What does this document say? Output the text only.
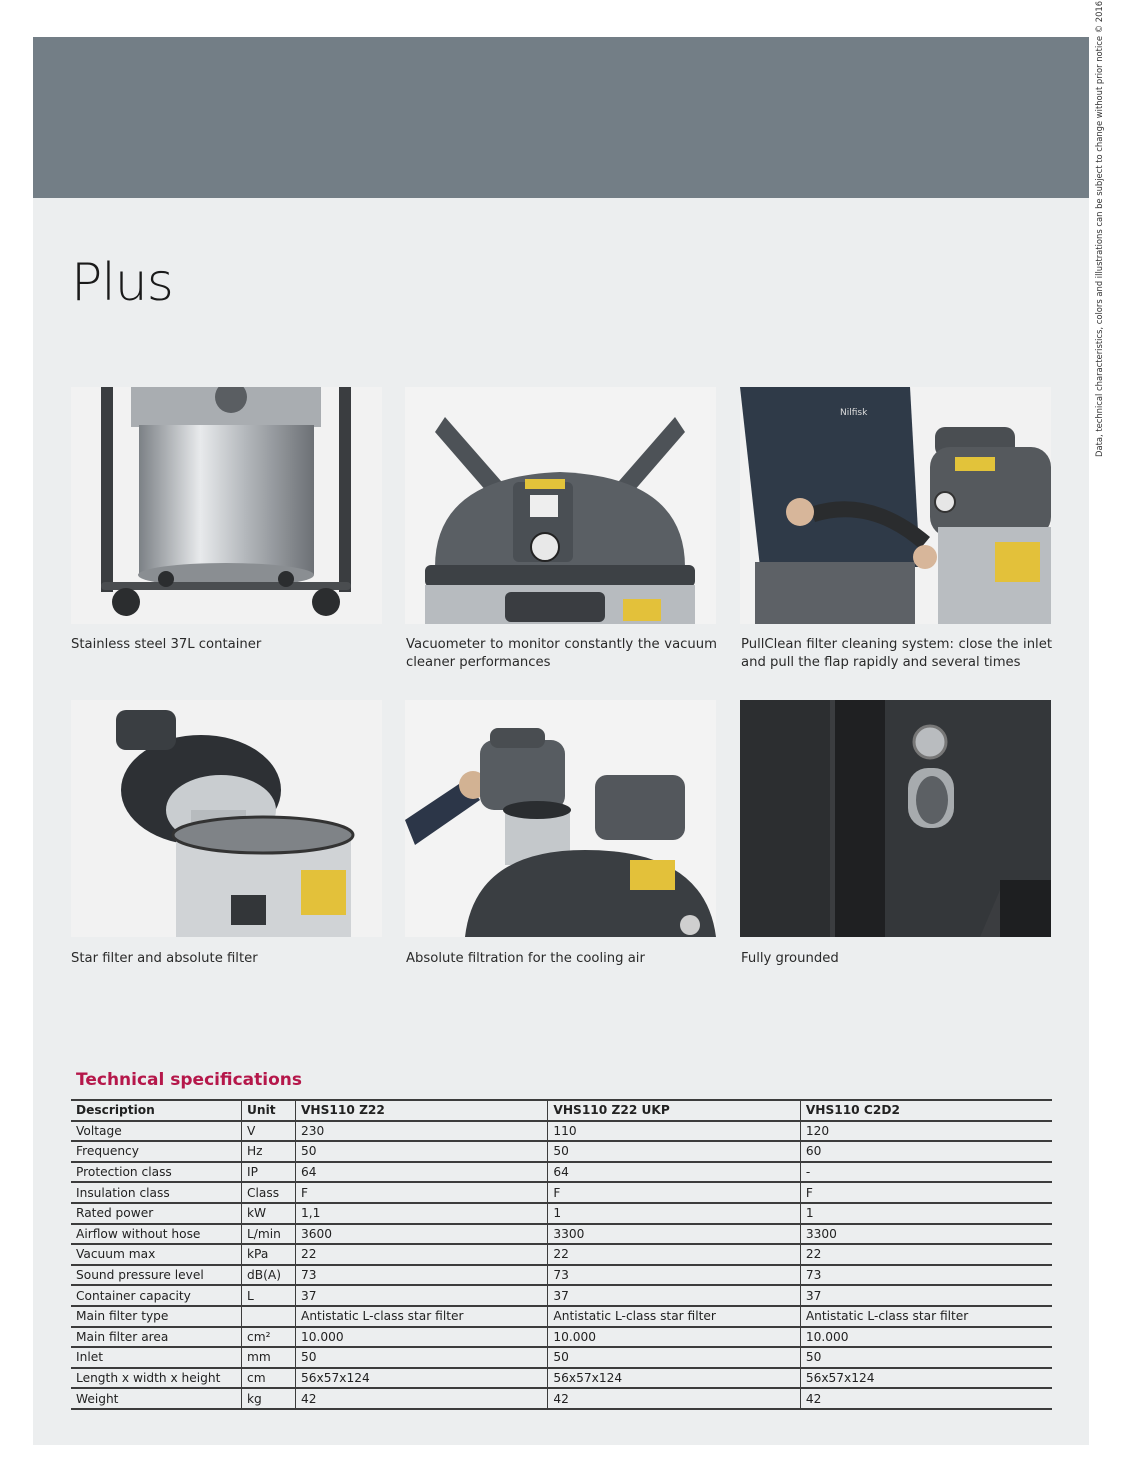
Data, technical characteristics, colors and illustrations can be subject to change without prior notice © 2016
Plus
Stainless steel 37L container	Vacuometer to monitor constantly the vacuum cleaner performances
Nilfisk
PullClean filter cleaning system: close the inlet and pull the flap rapidly and several times
Star filter and absolute filter	Absolute filtration for the cooling air	Fully grounded
Technical specifications
Description	Unit	VHS110 Z22	VHS110 Z22 UKP	VHS110 C2D2
Voltage	V	230	110	120
Frequency	Hz	50	50	60
Protection class	IP	64	64	-
Insulation class	Class	F	F	F
Rated power	kW	1,1	1	1
Airflow without hose	L/min	3600	3300	3300
Vacuum max	kPa	22	22	22
Sound pressure level	dB(A)	73	73	73
Container capacity	L	37	37	37
Main filter type		Antistatic L-class star filter	Antistatic L-class star filter	Antistatic L-class star filter
Main filter area	cm²	10.000	10.000	10.000
Inlet	mm	50	50	50
Length x width x height	cm	56x57x124	56x57x124	56x57x124
Weight	kg	42	42	42
